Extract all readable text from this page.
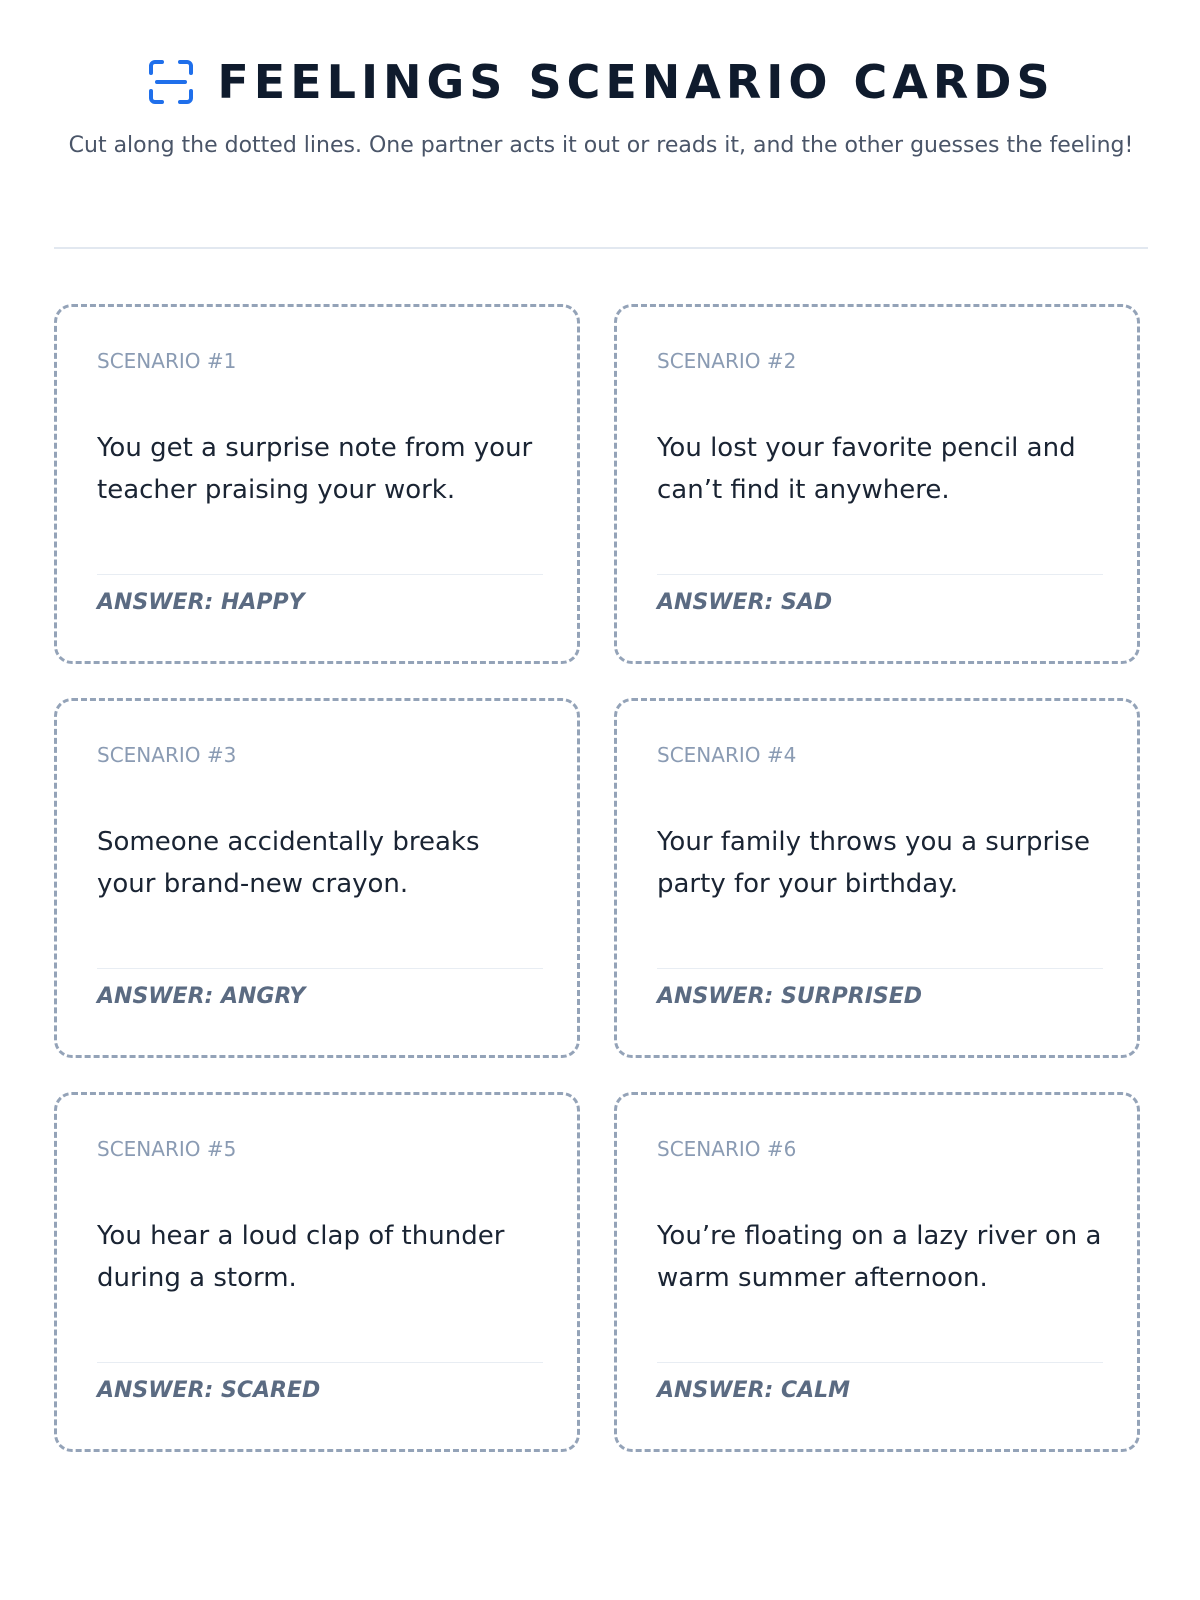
FEELINGS SCENARIO CARDS
Cut along the dotted lines. One partner acts it out or reads it, and the other guesses the feeling!
SCENARIO #1
You get a surprise note from your teacher praising your work.
ANSWER: HAPPY
SCENARIO #2
You lost your favorite pencil and can’t find it anywhere.
ANSWER: SAD
SCENARIO #3
Someone accidentally breaks your brand-new crayon.
ANSWER: ANGRY
SCENARIO #4
Your family throws you a surprise party for your birthday.
ANSWER: SURPRISED
SCENARIO #5
You hear a loud clap of thunder during a storm.
ANSWER: SCARED
SCENARIO #6
You’re floating on a lazy river on a warm summer afternoon.
ANSWER: CALM
